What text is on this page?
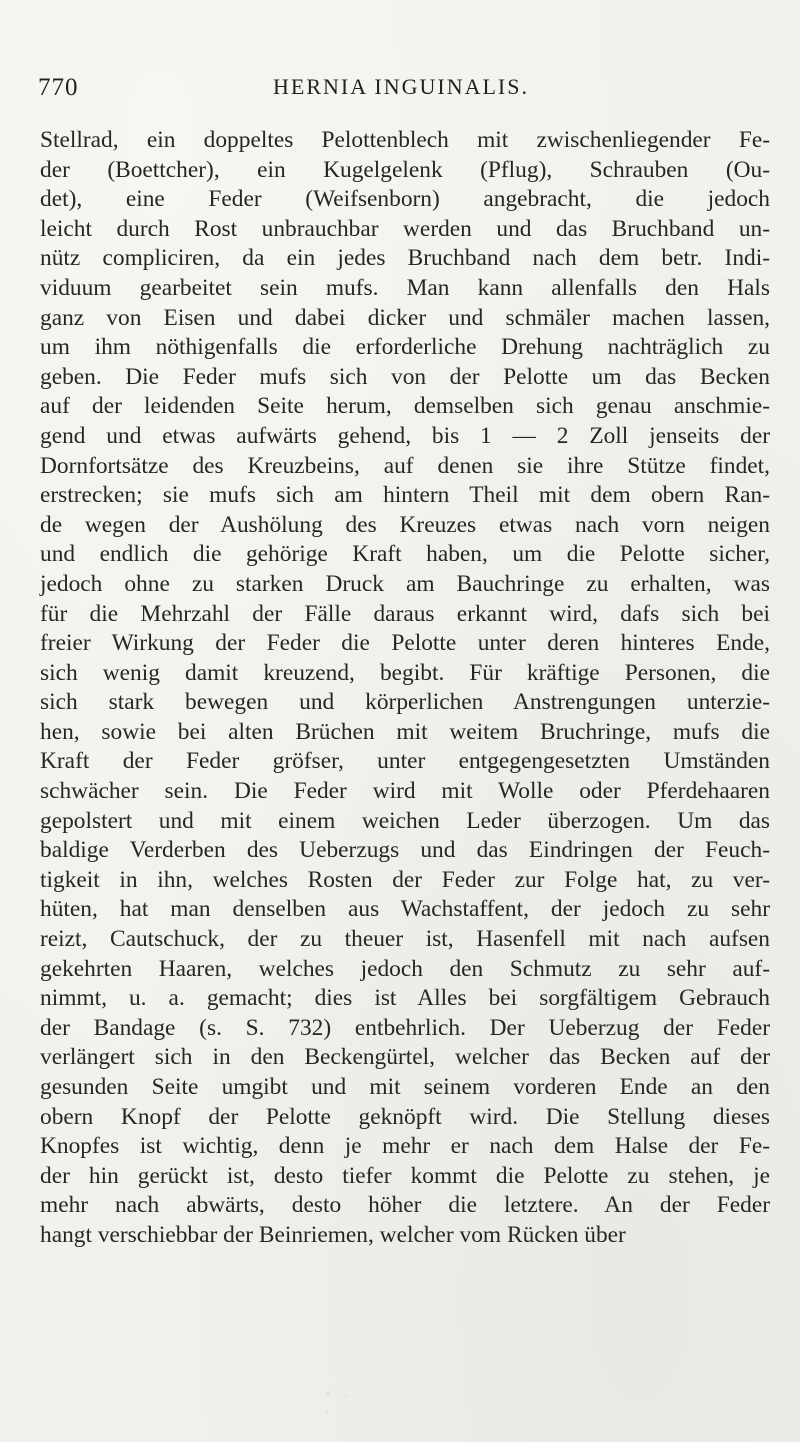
770	HERNIA INGUINALIS.
Stellrad, ein doppeltes Pelottenblech mit zwischenliegender Fe-
der (Boettcher), ein Kugelgelenk (Pflug), Schrauben (Ou-
det), eine Feder (Weifsenborn) angebracht, die jedoch
leicht durch Rost unbrauchbar werden und das Bruchband un-
nütz compliciren, da ein jedes Bruchband nach dem betr. Indi-
viduum gearbeitet sein mufs. Man kann allenfalls den Hals
ganz von Eisen und dabei dicker und schmäler machen lassen,
um ihm nöthigenfalls die erforderliche Drehung nachträglich zu
geben. Die Feder mufs sich von der Pelotte um das Becken
auf der leidenden Seite herum, demselben sich genau anschmie-
gend und etwas aufwärts gehend, bis 1 — 2 Zoll jenseits der
Dornfortsätze des Kreuzbeins, auf denen sie ihre Stütze findet,
erstrecken; sie mufs sich am hintern Theil mit dem obern Ran-
de wegen der Aushölung des Kreuzes etwas nach vorn neigen
und endlich die gehörige Kraft haben, um die Pelotte sicher,
jedoch ohne zu starken Druck am Bauchringe zu erhalten, was
für die Mehrzahl der Fälle daraus erkannt wird, dafs sich bei
freier Wirkung der Feder die Pelotte unter deren hinteres Ende,
sich wenig damit kreuzend, begibt. Für kräftige Personen, die
sich stark bewegen und körperlichen Anstrengungen unterzie-
hen, sowie bei alten Brüchen mit weitem Bruchringe, mufs die
Kraft der Feder gröfser, unter entgegengesetzten Umständen
schwächer sein. Die Feder wird mit Wolle oder Pferdehaaren
gepolstert und mit einem weichen Leder überzogen. Um das
baldige Verderben des Ueberzugs und das Eindringen der Feuch-
tigkeit in ihn, welches Rosten der Feder zur Folge hat, zu ver-
hüten, hat man denselben aus Wachstaffent, der jedoch zu sehr
reizt, Cautschuck, der zu theuer ist, Hasenfell mit nach aufsen
gekehrten Haaren, welches jedoch den Schmutz zu sehr auf-
nimmt, u. a. gemacht; dies ist Alles bei sorgfältigem Gebrauch
der Bandage (s. S. 732) entbehrlich. Der Ueberzug der Feder
verlängert sich in den Beckengürtel, welcher das Becken auf der
gesunden Seite umgibt und mit seinem vorderen Ende an den
obern Knopf der Pelotte geknöpft wird. Die Stellung dieses
Knopfes ist wichtig, denn je mehr er nach dem Halse der Fe-
der hin gerückt ist, desto tiefer kommt die Pelotte zu stehen, je
mehr nach abwärts, desto höher die letztere. An der Feder
hangt verschiebbar der Beinriemen, welcher vom Rücken über
° ◦ ·
